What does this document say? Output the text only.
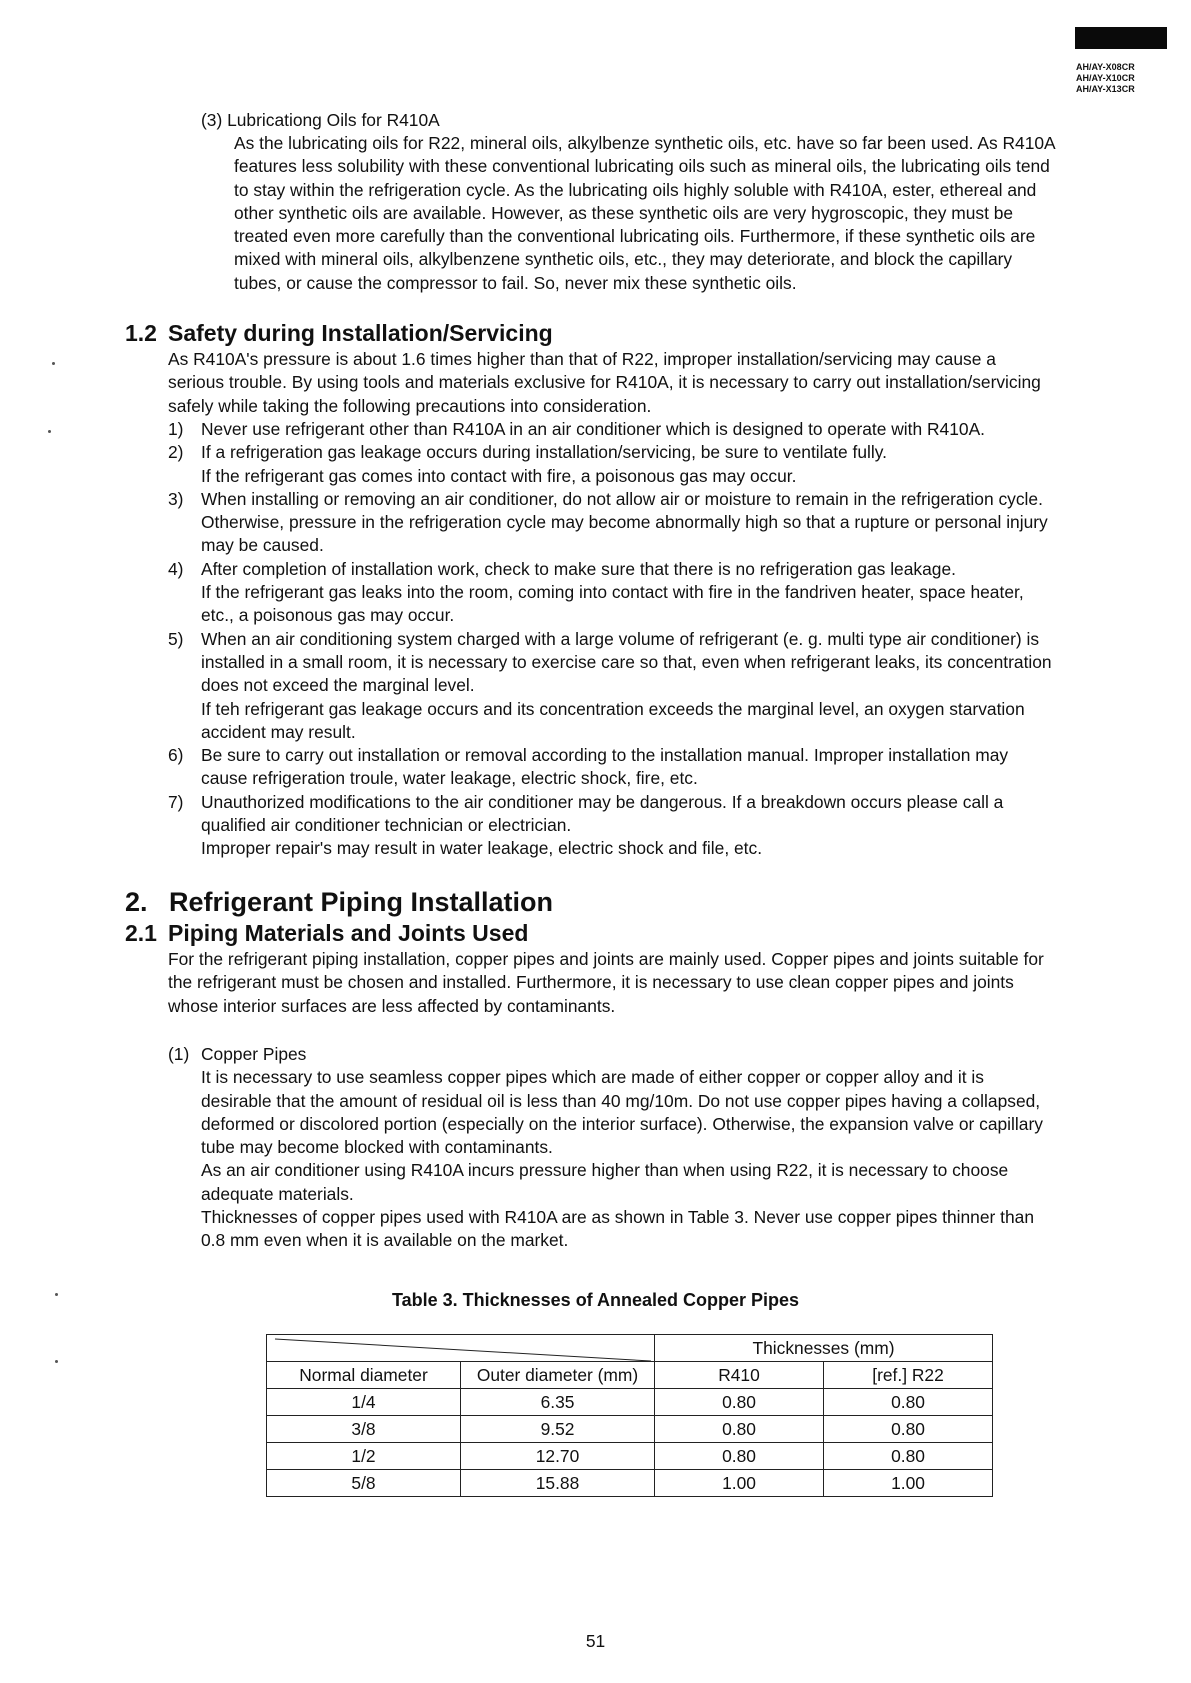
AH/AY-X08CR
AH/AY-X10CR
AH/AY-X13CR
(3) Lubricationg Oils for R410A
As the lubricating oils for R22, mineral oils, alkylbenze synthetic oils, etc. have so far been used. As R410A
features less solubility with these conventional lubricating oils such as mineral oils, the lubricating oils tend
to stay within the refrigeration cycle. As the lubricating oils highly soluble with R410A, ester, ethereal and
other synthetic oils are available. However, as these synthetic oils are very hygroscopic, they must be
treated even more carefully than the conventional lubricating oils. Furthermore, if these synthetic oils are
mixed with mineral oils, alkylbenzene synthetic oils, etc., they may deteriorate, and block the capillary
tubes, or cause the compressor to fail. So, never mix these synthetic oils.
1.2 Safety during Installation/Servicing
As R410A's pressure is about 1.6 times higher than that of R22, improper installation/servicing may cause a
serious trouble. By using tools and materials exclusive for R410A, it is necessary to carry out installation/servicing
safely while taking the following precautions into consideration.
1)	Never use refrigerant other than R410A in an air conditioner which is designed to operate with R410A.
2)	If a refrigeration gas leakage occurs during installation/servicing, be sure to ventilate fully.
If the refrigerant gas comes into contact with fire, a poisonous gas may occur.
3)	When installing or removing an air conditioner, do not allow air or moisture to remain in the refrigeration cycle.
Otherwise, pressure in the refrigeration cycle may become abnormally high so that a rupture or personal injury
may be caused.
4)	After completion of installation work, check to make sure that there is no refrigeration gas leakage.
If the refrigerant gas leaks into the room, coming into contact with fire in the fandriven heater, space heater,
etc., a poisonous gas may occur.
5)	When an air conditioning system charged with a large volume of refrigerant (e. g. multi type air conditioner) is
installed in a small room, it is necessary to exercise care so that, even when refrigerant leaks, its concentration
does not exceed the marginal level.
If teh refrigerant gas leakage occurs and its concentration exceeds the marginal level, an oxygen starvation
accident may result.
6)	Be sure to carry out installation or removal according to the installation manual. Improper installation may
cause refrigeration troule, water leakage, electric shock, fire, etc.
7)	Unauthorized modifications to the air conditioner may be dangerous. If a breakdown occurs please call a
qualified air conditioner technician or electrician.
Improper repair's may result in water leakage, electric shock and file, etc.
2. Refrigerant Piping Installation
2.1 Piping Materials and Joints Used
For the refrigerant piping installation, copper pipes and joints are mainly used. Copper pipes and joints suitable for
the refrigerant must be chosen and installed. Furthermore, it is necessary to use clean copper pipes and joints
whose interior surfaces are less affected by contaminants.
(1) Copper Pipes
It is necessary to use seamless copper pipes which are made of either copper or copper alloy and it is
desirable that the amount of residual oil is less than 40 mg/10m. Do not use copper pipes having a collapsed,
deformed or discolored portion (especially on the interior surface). Otherwise, the expansion valve or capillary
tube may become blocked with contaminants.
As an air conditioner using R410A incurs pressure higher than when using R22, it is necessary to choose
adequate materials.
Thicknesses of copper pipes used with R410A are as shown in Table 3. Never use copper pipes thinner than
0.8 mm even when it is available on the market.
Table 3. Thicknesses of Annealed Copper Pipes
	Thicknesses (mm)	
Normal diameter	Outer diameter (mm)	R410	[ref.] R22
1/4	6.35	0.80	0.80
3/8	9.52	0.80	0.80
1/2	12.70	0.80	0.80
5/8	15.88	1.00	1.00
51
